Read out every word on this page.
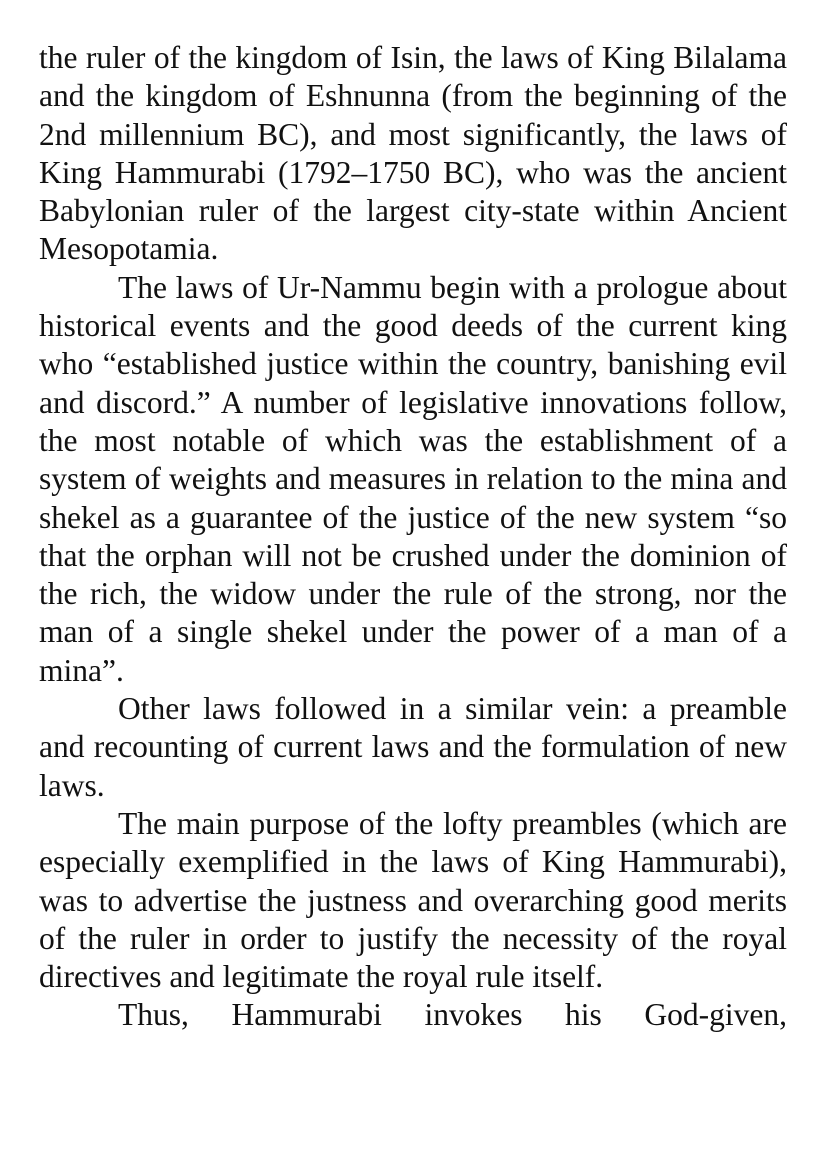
the ruler of the kingdom of Isin, the laws of King Bilalama and the kingdom of Eshnunna (from the beginning of the 2nd millennium BC), and most significantly, the laws of King Hammurabi (1792–1750 BC), who was the ancient Babylonian ruler of the largest city-state within Ancient Mesopotamia.

The laws of Ur-Nammu begin with a prologue about historical events and the good deeds of the current king who “established justice within the country, banishing evil and discord.” A number of legislative innovations follow, the most notable of which was the establishment of a system of weights and measures in relation to the mina and shekel as a guarantee of the justice of the new system “so that the orphan will not be crushed under the dominion of the rich, the widow under the rule of the strong, nor the man of a single shekel under the power of a man of a mina”.

Other laws followed in a similar vein: a preamble and recounting of current laws and the formulation of new laws.

The main purpose of the lofty preambles (which are especially exemplified in the laws of King Hammurabi), was to advertise the justness and overarching good merits of the ruler in order to justify the necessity of the royal directives and legitimate the royal rule itself.

Thus, Hammurabi invokes his God-given,
